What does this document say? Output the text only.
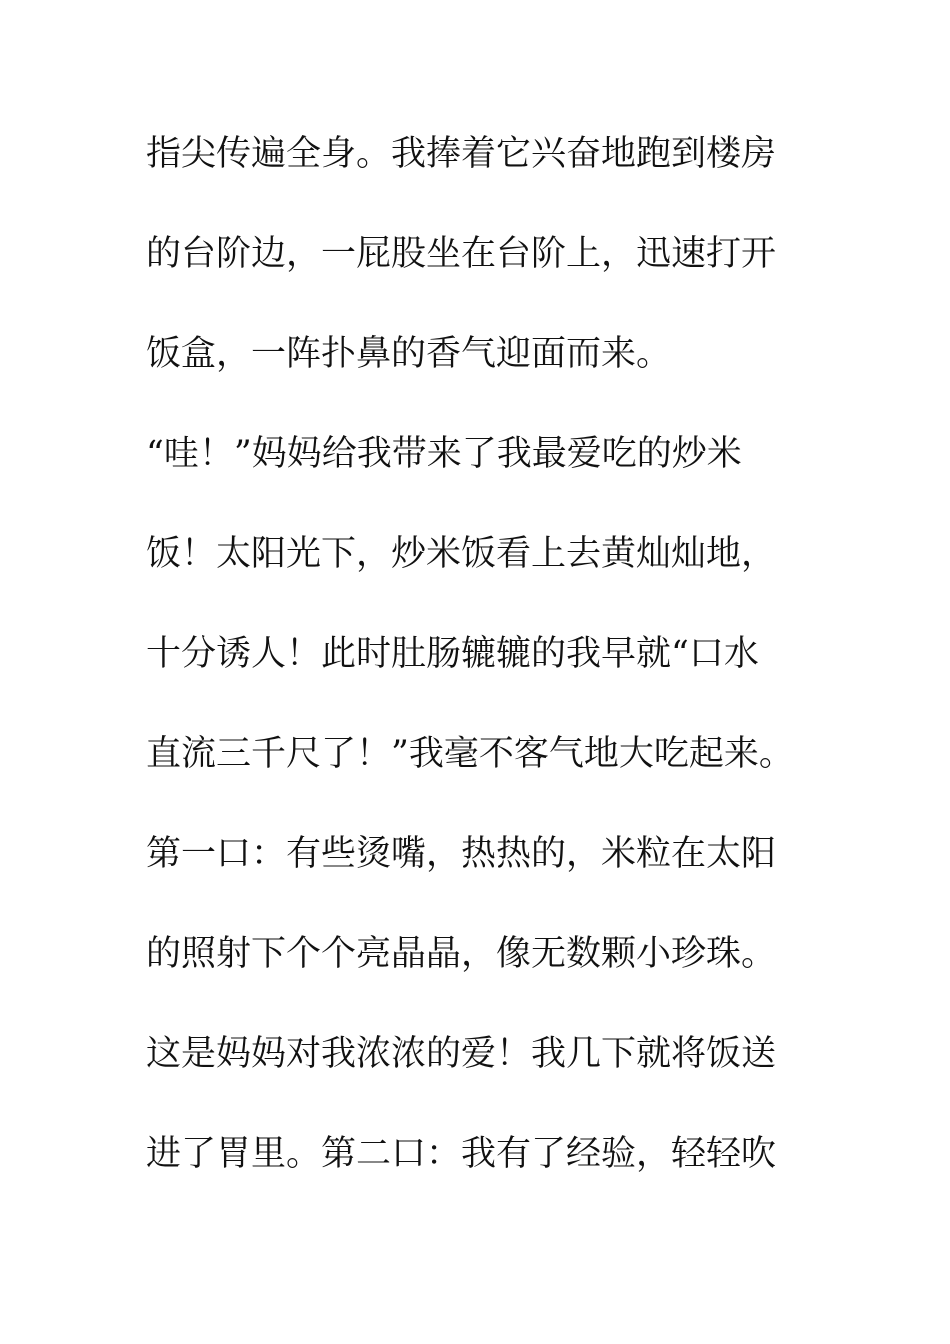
指尖传遍全身。我捧着它兴奋地跑到楼房
的台阶边，一屁股坐在台阶上，迅速打开
饭盒，一阵扑鼻的香气迎面而来。
“哇！”妈妈给我带来了我最爱吃的炒米
饭！太阳光下，炒米饭看上去黄灿灿地，
十分诱人！此时肚肠辘辘的我早就“口水
直流三千尺了！”我毫不客气地大吃起来。
第一口：有些烫嘴，热热的，米粒在太阳
的照射下个个亮晶晶，像无数颗小珍珠。
这是妈妈对我浓浓的爱！我几下就将饭送
进了胃里。第二口：我有了经验，轻轻吹
